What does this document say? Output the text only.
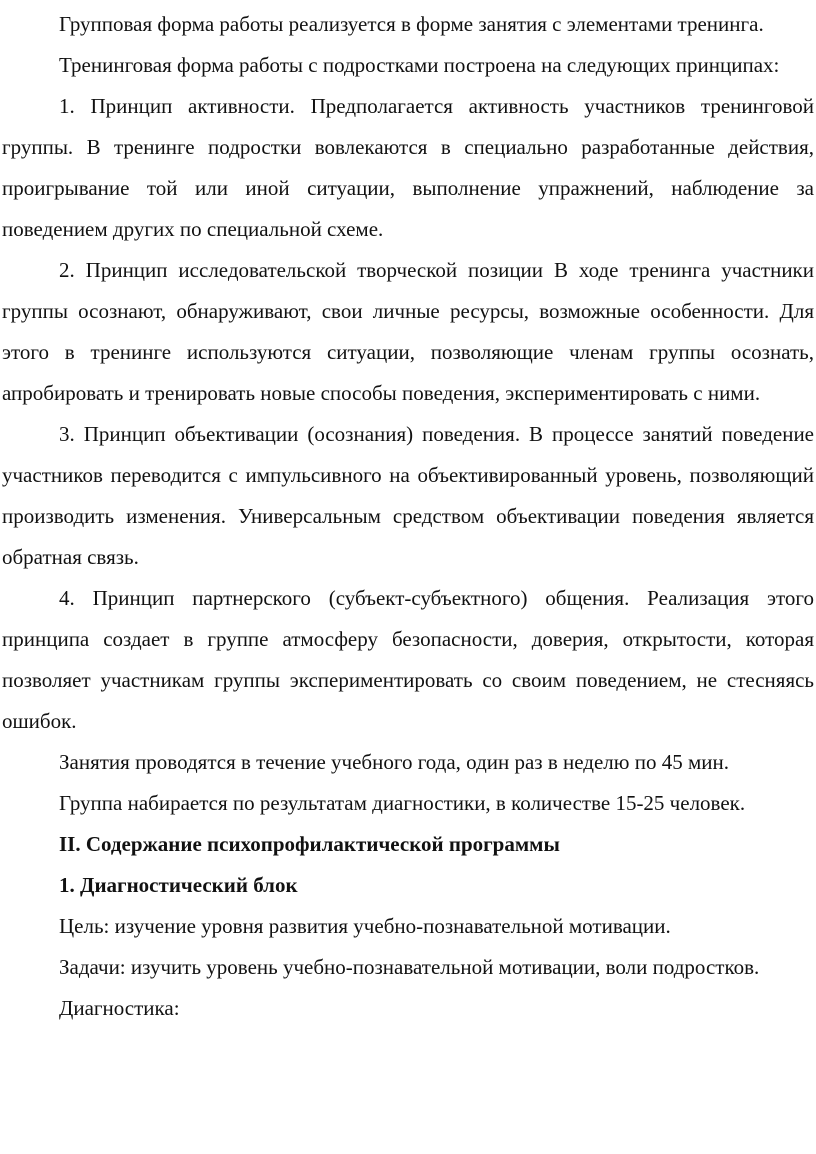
Групповая форма работы реализуется в форме занятия с элементами тренинга.

Тренинговая форма работы с подростками построена на следующих принципах:

1. Принцип активности. Предполагается активность участников тренинговой группы. В тренинге подростки вовлекаются в специально разработанные действия, проигрывание той или иной ситуации, выполнение упражнений, наблюдение за поведением других по специальной схеме.

2. Принцип исследовательской творческой позиции В ходе тренинга участники группы осознают, обнаруживают, свои личные ресурсы, возможные особенности. Для этого в тренинге используются ситуации, позволяющие членам группы осознать, апробировать и тренировать новые способы поведения, экспериментировать с ними.

3. Принцип объективации (осознания) поведения. В процессе занятий поведение участников переводится с импульсивного на объективированный уровень, позволяющий производить изменения. Универсальным средством объективации поведения является обратная связь.

4. Принцип партнерского (субъект-субъектного) общения. Реализация этого принципа создает в группе атмосферу безопасности, доверия, открытости, которая позволяет участникам группы экспериментировать со своим поведением, не стесняясь ошибок.

Занятия проводятся в течение учебного года, один раз в неделю по 45 мин.

Группа набирается по результатам диагностики, в количестве 15-25 человек.

II. Содержание психопрофилактической программы

1. Диагностический блок

Цель: изучение уровня развития учебно-познавательной мотивации.

Задачи: изучить уровень учебно-познавательной мотивации, воли подростков.

Диагностика:
